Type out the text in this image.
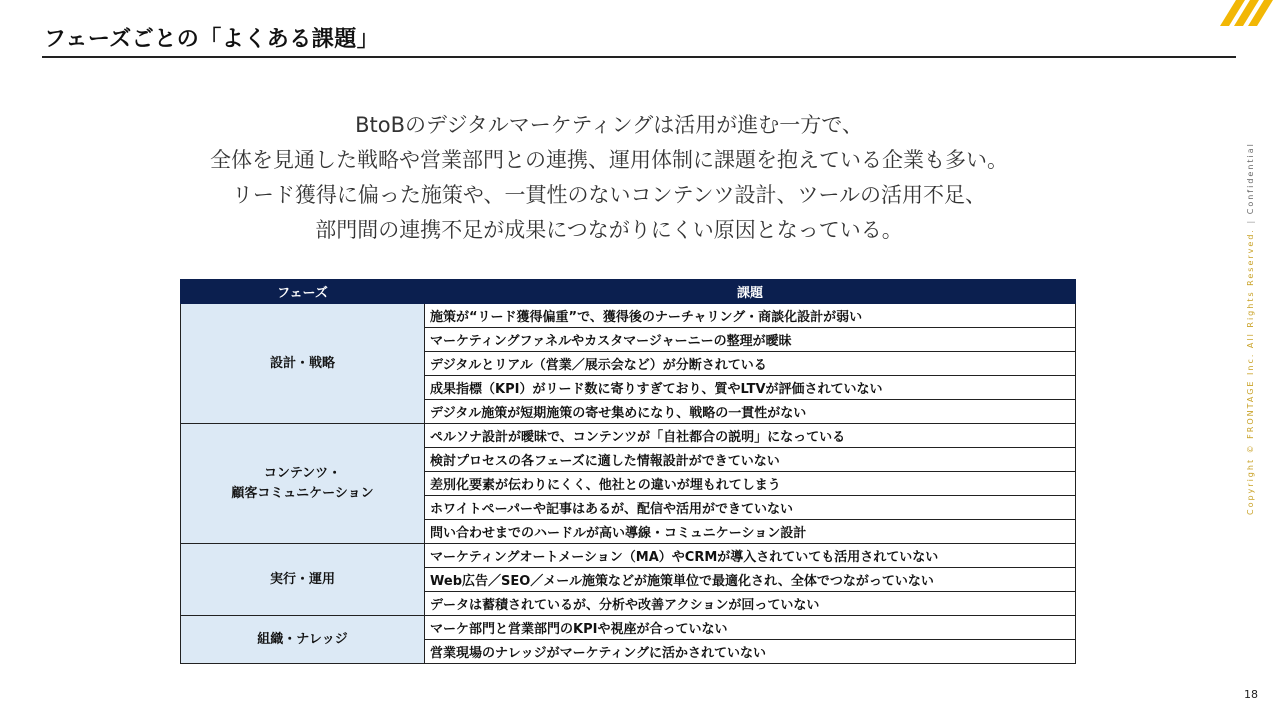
フェーズごとの「よくある課題」
BtoBのデジタルマーケティングは活用が進む一方で、
全体を見通した戦略や営業部門との連携、運用体制に課題を抱えている企業も多い。
リード獲得に偏った施策や、一貫性のないコンテンツ設計、ツールの活用不足、
部門間の連携不足が成果につながりにくい原因となっている。
フェーズ	課題

設計・戦略	施策が“リード獲得偏重”で、獲得後のナーチャリング・商談化設計が弱い
	マーケティングファネルやカスタマージャーニーの整理が曖昧
	デジタルとリアル（営業／展示会など）が分断されている
	成果指標（KPI）がリード数に寄りすぎており、質やLTVが評価されていない
	デジタル施策が短期施策の寄せ集めになり、戦略の一貫性がない

コンテンツ・
顧客コミュニケーション	ペルソナ設計が曖昧で、コンテンツが「自社都合の説明」になっている
	検討プロセスの各フェーズに適した情報設計ができていない
	差別化要素が伝わりにくく、他社との違いが埋もれてしまう
	ホワイトペーパーや記事はあるが、配信や活用ができていない
	問い合わせまでのハードルが高い導線・コミュニケーション設計

実行・運用	マーケティングオートメーション（MA）やCRMが導入されていても活用されていない
	Web広告／SEO／メール施策などが施策単位で最適化され、全体でつながっていない
	データは蓄積されているが、分析や改善アクションが回っていない

組織・ナレッジ	マーケ部門と営業部門のKPIや視座が合っていない
	営業現場のナレッジがマーケティングに活かされていない
Copyright © FRONTAGE Inc. All Rights Reserved. | Confidential
18
